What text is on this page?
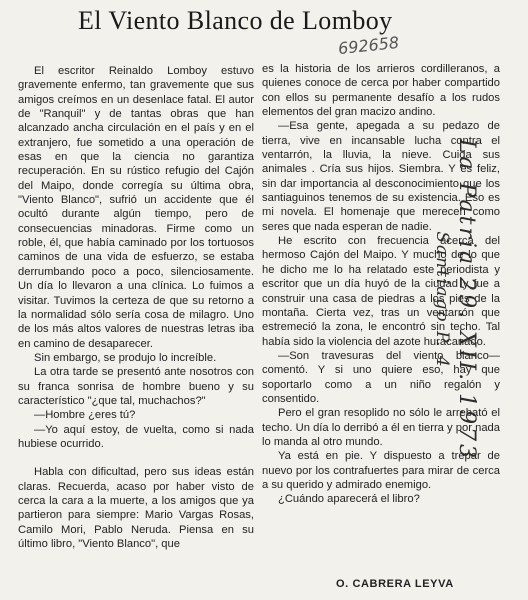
El Viento Blanco de Lomboy
692658

El escritor Reinaldo Lomboy estuvo gravemente enfermo, tan gravemente que sus amigos creímos en un desenlace fatal. El autor de "Ranquil" y de tantas obras que han alcanzado ancha circulación en el país y en el extranjero, fue sometido a una operación de esas en que la ciencia no garantiza recuperación. En su rústico refugio del Cajón del Maipo, donde corregía su última obra, "Viento Blanco", sufrió un accidente que él ocultó durante algún tiempo, pero de consecuencias minadoras. Firme como un roble, él, que había caminado por los tortuosos caminos de una vida de esfuerzo, se estaba derrumbando poco a poco, silenciosamente. Un día lo llevaron a una clínica. Lo fuimos a visitar. Tuvimos la certeza de que su retorno a la normalidad sólo sería cosa de milagro. Uno de los más altos valores de nuestras letras iba en camino de desaparecer.

Sin embargo, se produjo lo increíble.

La otra tarde se presentó ante nosotros con su franca sonrisa de hombre bueno y su característico "¿que tal, muchachos?"

—Hombre ¿eres tú?

—Yo aquí estoy, de vuelta, como si nada hubiese ocurrido.

Habla con dificultad, pero sus ideas están claras. Recuerda, acaso por haber visto de cerca la cara a la muerte, a los amigos que ya partieron para siempre: Mario Vargas Rosas, Camilo Mori, Pablo Neruda. Piensa en su último libro, "Viento Blanco", que

es la historia de los arrieros cordilleranos, a quienes conoce de cerca por haber compartido con ellos su permanente desafío a los rudos elementos del gran macizo andino.

—Esa gente, apegada a su pedazo de tierra, vive en incansable lucha contra el ventarrón, la lluvia, la nieve. Cuida sus animales . Cría sus hijos. Siembra. Y es feliz, sin dar importancia al desconocimiento que los santiaguinos tenemos de su existencia. Eso es mi novela. El homenaje que merecen como seres que nada esperan de nadie.

He escrito con frecuencia acerca del hermoso Cajón del Maipo. Y mucho de lo que he dicho me lo ha relatado este periodista y escritor que un día huyó de la ciudad y fue a construir una casa de piedras a los pies de la montaña. Cierta vez, tras un ventarrón que estremeció la zona, le encontró sin techo. Tal había sido la violencia del azote huracanado.

—Son travesuras del viento blanco— comentó. Y si uno quiere eso, hay que soportarlo como a un niño regalón y consentido.

Pero el gran resoplido no sólo le arrebató el techo. Un día lo derribó a él en tierra y por nada lo manda al otro mundo.

Ya está en pie. Y dispuesto a trepar de nuevo por los contrafuertes para mirar de cerca a su querido y admirado enemigo.

¿Cuándo aparecerá el libro?

O. CABRERA LEYVA
La Patria 29. XII. 1973
Santiago P. 4
